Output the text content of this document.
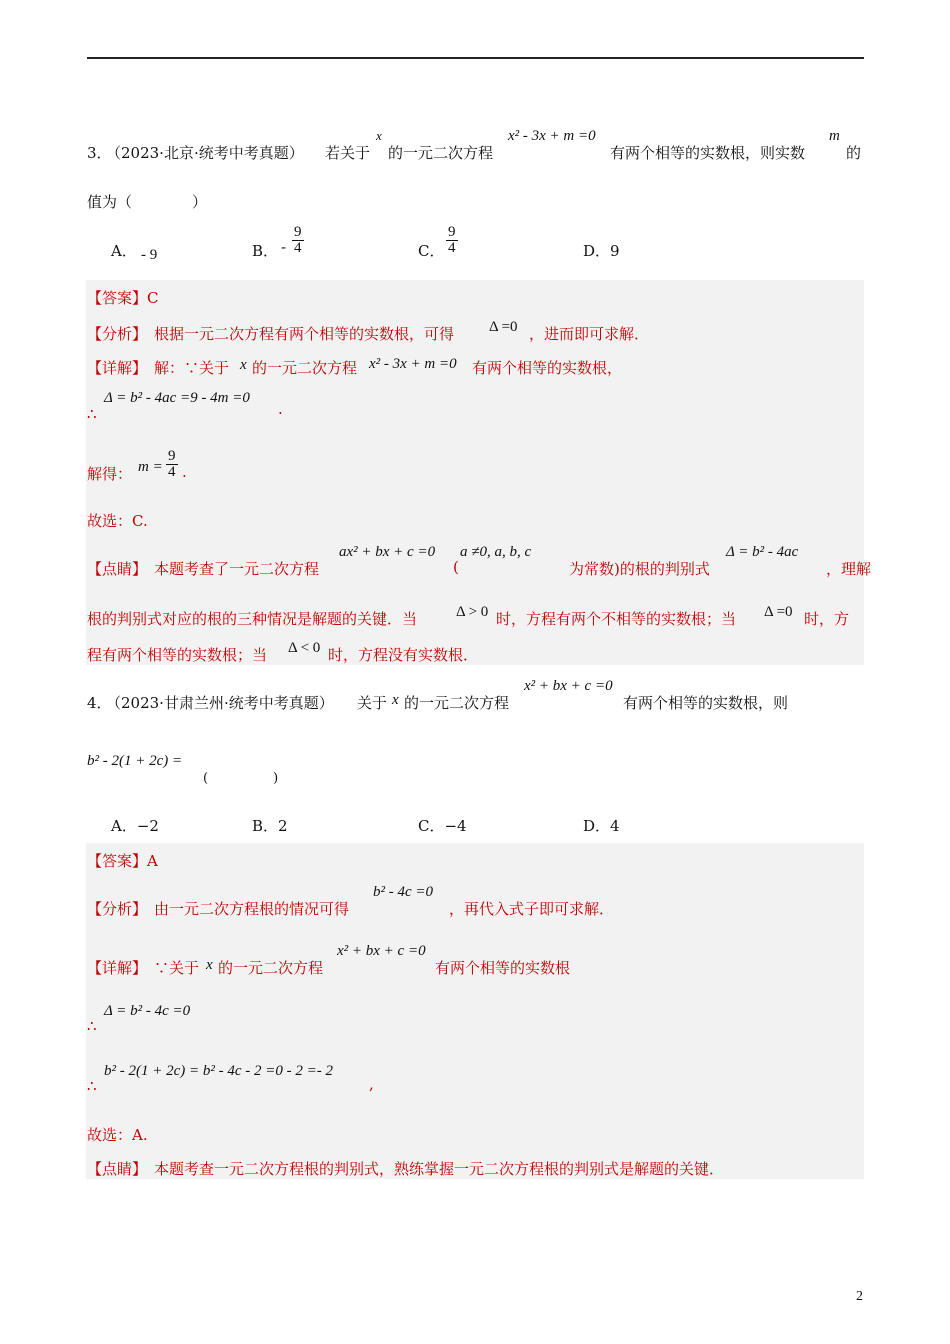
3．
（2023·北京·统考中考真题） 若关于
x
的一元二次方程
x² - 3x + m =0
有两个相等的实数根，则实数
m
的
值为（　　　　）
A． - 9	B． - $\frac{9}{4}$	C． $\frac{9}{4}$	D．9
【答案】C
【分析】 根据一元二次方程有两个相等的实数根，可得 Δ =0 ，进而即可求解．
【详解】 解：∵关于 x 的一元二次方程 x² - 3x + m =0 有两个相等的实数根，
∴
Δ = b² - 4ac =9 - 4m =0
.
解得： $m = \frac{9}{4}$ .
故选：C.
【点睛】 本题考查了一元二次方程
ax² + bx + c =0
(
a ≠0, a, b, c
为常数)的根的判别式
Δ = b² - 4ac
，理解
根的判别式对应的根的三种情况是解题的关键．当	Δ > 0 时，方程有两个不相等的实数根；当 Δ =0 时，方
程有两个相等的实数根；当 Δ < 0 时，方程没有实数根．
4．
（2023·甘肃兰州·统考中考真题） 关于 x 的一元二次方程
x² + bx + c =0
有两个相等的实数根，则
b² - 2(1 + 2c) =
(　　　　　)
A．−2	B．2	C．−4	D．4
【答案】A
【分析】 由一元二次方程根的情况可得
b² - 4c =0
，再代入式子即可求解．
【详解】 ∵关于 x 的一元二次方程
x² + bx + c =0
有两个相等的实数根
∴
Δ = b² - 4c =0
∴
b² - 2(1 + 2c) = b² - 4c - 2 =0 - 2 =- 2
,
故选：A.
【点睛】 本题考查一元二次方程根的判别式，熟练掌握一元二次方程根的判别式是解题的关键．
2
